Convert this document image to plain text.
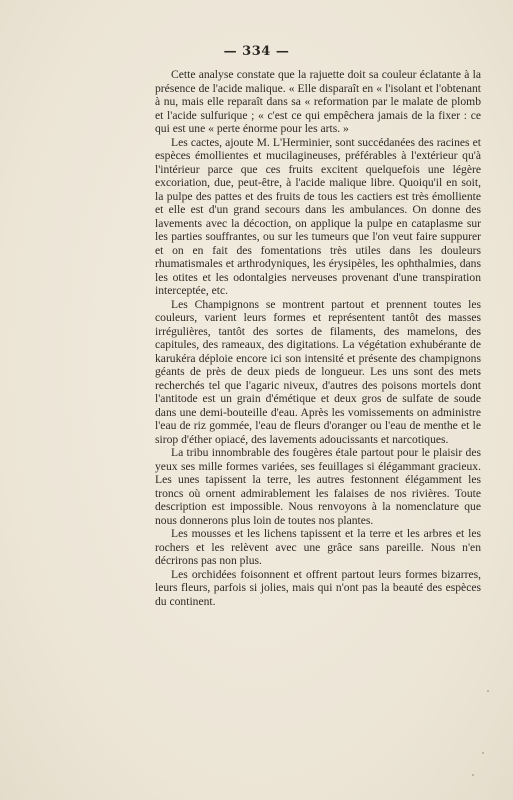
— 334 —

Cette analyse constate que la rajuette doit sa couleur éclatante à la présence de l'acide malique. « Elle disparaît en « l'isolant et l'obtenant à nu, mais elle reparaît dans sa « reformation par le malate de plomb et l'acide sulfurique ; « c'est ce qui empêchera jamais de la fixer : ce qui est une « perte énorme pour les arts. »

Les cactes, ajoute M. L'Herminier, sont succédanées des racines et espèces émollientes et mucilagineuses, préférables à l'extérieur qu'à l'intérieur parce que ces fruits excitent quelquefois une légère excoriation, due, peut-être, à l'acide malique libre. Quoiqu'il en soit, la pulpe des pattes et des fruits de tous les cactiers est très émolliente et elle est d'un grand secours dans les ambulances. On donne des lavements avec la décoction, on applique la pulpe en cataplasme sur les parties souffrantes, ou sur les tumeurs que l'on veut faire suppurer et on en fait des fomentations très utiles dans les douleurs rhumatismales et arthrodyniques, les érysipèles, les ophthalmies, dans les otites et les odontalgies nerveuses provenant d'une transpiration interceptée, etc.

Les Champignons se montrent partout et prennent toutes les couleurs, varient leurs formes et représentent tantôt des masses irrégulières, tantôt des sortes de filaments, des mamelons, des capitules, des rameaux, des digitations. La végétation exhubérante de karukéra déploie encore ici son intensité et présente des champignons géants de près de deux pieds de longueur. Les uns sont des mets recherchés tel que l'agaric niveux, d'autres des poisons mortels dont l'antitode est un grain d'émétique et deux gros de sulfate de soude dans une demi-bouteille d'eau. Après les vomissements on administre l'eau de riz gommée, l'eau de fleurs d'oranger ou l'eau de menthe et le sirop d'éther opiacé, des lavements adoucissants et narcotiques.

La tribu innombrable des fougères étale partout pour le plaisir des yeux ses mille formes variées, ses feuillages si élégammant gracieux. Les unes tapissent la terre, les autres festonnent élégamment les troncs où ornent admirablement les falaises de nos rivières. Toute description est impossible. Nous renvoyons à la nomenclature que nous donnerons plus loin de toutes nos plantes.

Les mousses et les lichens tapissent et la terre et les arbres et les rochers et les relèvent avec une grâce sans pareille. Nous n'en décrirons pas non plus.

Les orchidées foisonnent et offrent partout leurs formes bizarres, leurs fleurs, parfois si jolies, mais qui n'ont pas la beauté des espèces du continent.
